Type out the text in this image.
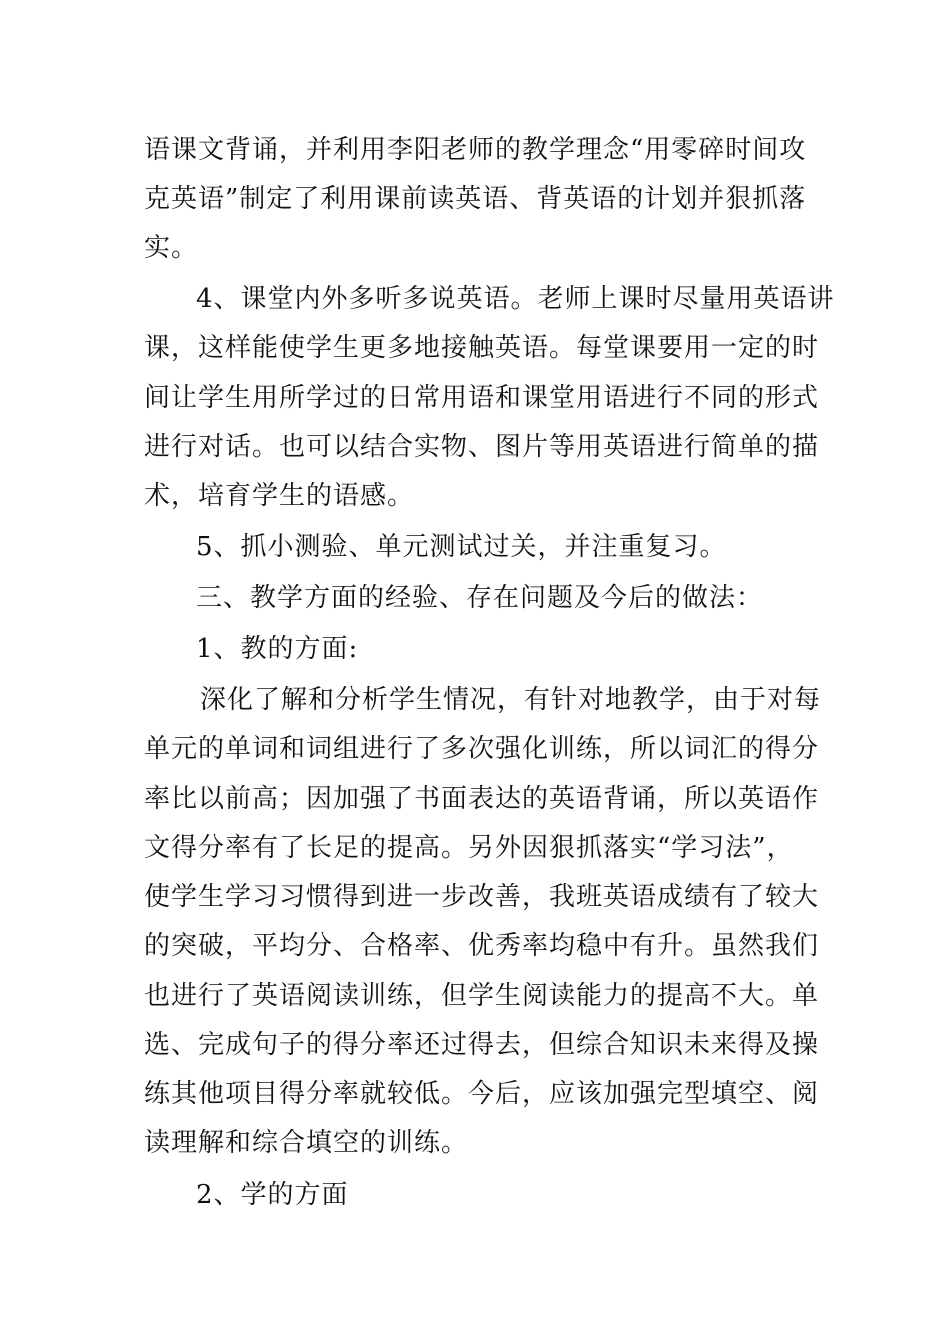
语课文背诵，并利用李阳老师的教学理念“用零碎时间攻
克英语”制定了利用课前读英语、背英语的计划并狠抓落
实。
4、课堂内外多听多说英语。老师上课时尽量用英语讲
课，这样能使学生更多地接触英语。每堂课要用一定的时
间让学生用所学过的日常用语和课堂用语进行不同的形式
进行对话。也可以结合实物、图片等用英语进行简单的描
术，培育学生的语感。
5、抓小测验、单元测试过关，并注重复习。
三、教学方面的经验、存在问题及今后的做法：
1、教的方面:
深化了解和分析学生情况，有针对地教学，由于对每
单元的单词和词组进行了多次强化训练，所以词汇的得分
率比以前高；因加强了书面表达的英语背诵，所以英语作
文得分率有了长足的提高。另外因狠抓落实“学习法”，
使学生学习习惯得到进一步改善，我班英语成绩有了较大
的突破，平均分、合格率、优秀率均稳中有升。虽然我们
也进行了英语阅读训练，但学生阅读能力的提高不大。单
选、完成句子的得分率还过得去，但综合知识未来得及操
练其他项目得分率就较低。今后，应该加强完型填空、阅
读理解和综合填空的训练。
2、学的方面
